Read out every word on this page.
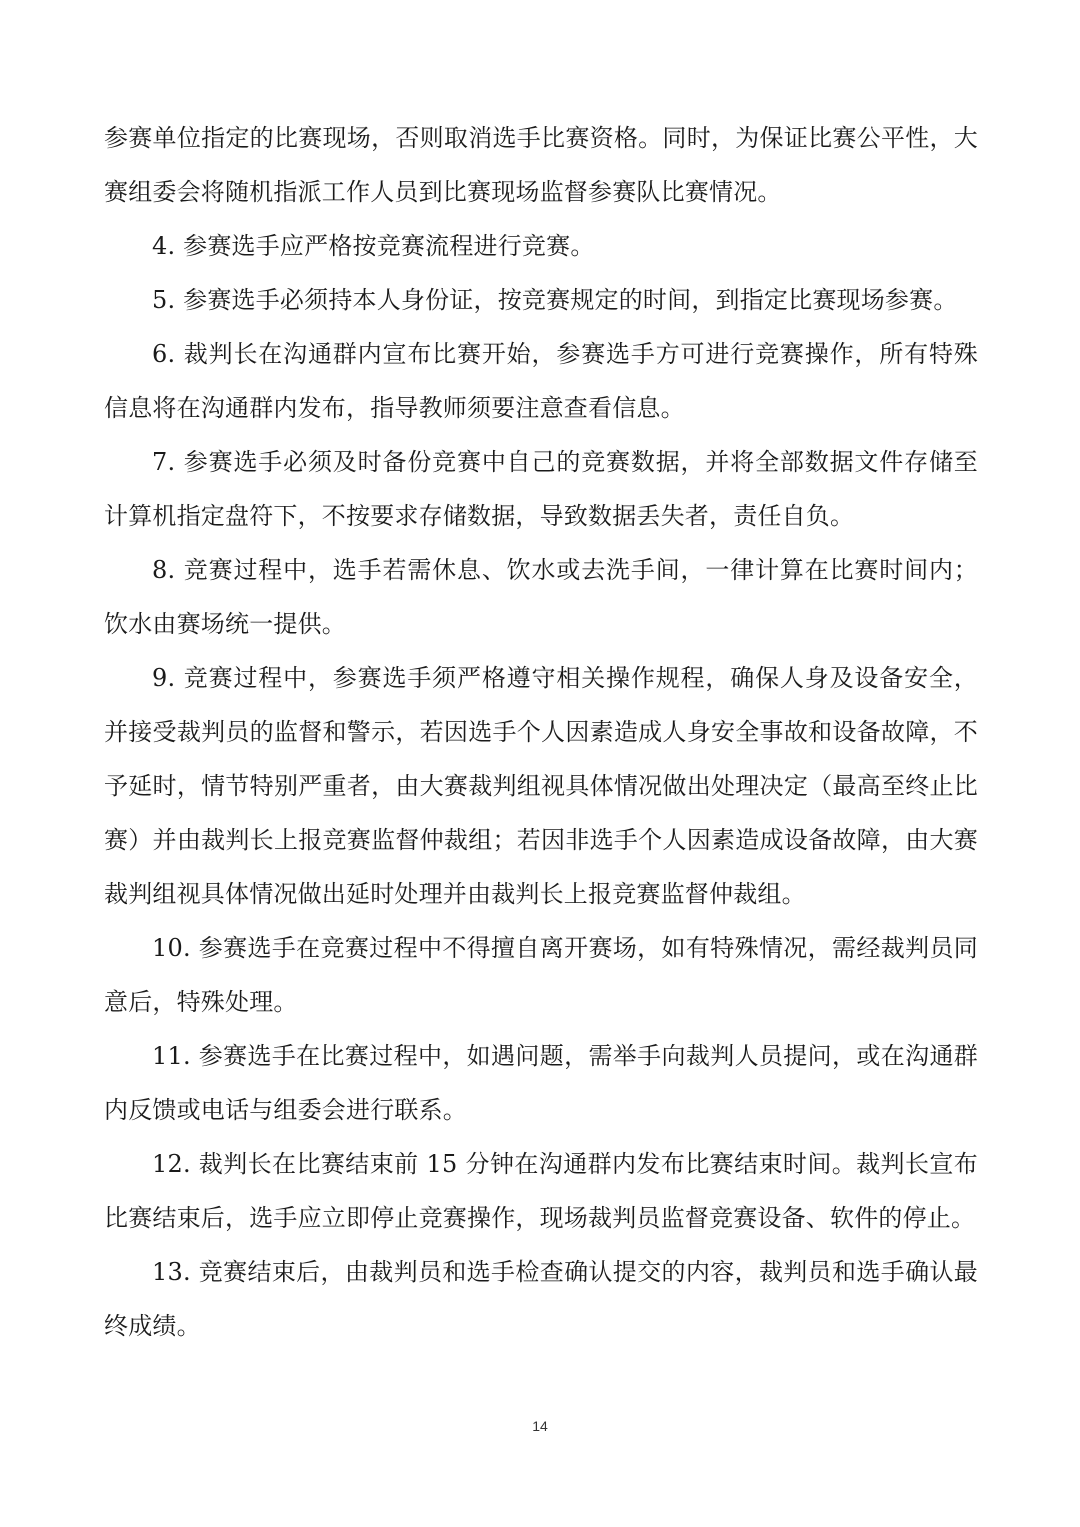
参赛单位指定的比赛现场，否则取消选手比赛资格。同时，为保证比赛公平性，大赛组委会将随机指派工作人员到比赛现场监督参赛队比赛情况。

4. 参赛选手应严格按竞赛流程进行竞赛。

5. 参赛选手必须持本人身份证，按竞赛规定的时间，到指定比赛现场参赛。

6. 裁判长在沟通群内宣布比赛开始，参赛选手方可进行竞赛操作，所有特殊信息将在沟通群内发布，指导教师须要注意查看信息。

7. 参赛选手必须及时备份竞赛中自己的竞赛数据，并将全部数据文件存储至计算机指定盘符下，不按要求存储数据，导致数据丢失者，责任自负。

8. 竞赛过程中，选手若需休息、饮水或去洗手间，一律计算在比赛时间内；饮水由赛场统一提供。

9. 竞赛过程中，参赛选手须严格遵守相关操作规程，确保人身及设备安全，并接受裁判员的监督和警示，若因选手个人因素造成人身安全事故和设备故障，不予延时，情节特别严重者，由大赛裁判组视具体情况做出处理决定（最高至终止比赛）并由裁判长上报竞赛监督仲裁组；若因非选手个人因素造成设备故障，由大赛裁判组视具体情况做出延时处理并由裁判长上报竞赛监督仲裁组。

10. 参赛选手在竞赛过程中不得擅自离开赛场，如有特殊情况，需经裁判员同意后，特殊处理。

11. 参赛选手在比赛过程中，如遇问题，需举手向裁判人员提问，或在沟通群内反馈或电话与组委会进行联系。

12. 裁判长在比赛结束前 15 分钟在沟通群内发布比赛结束时间。裁判长宣布比赛结束后，选手应立即停止竞赛操作，现场裁判员监督竞赛设备、软件的停止。

13. 竞赛结束后，由裁判员和选手检查确认提交的内容，裁判员和选手确认最终成绩。

14
